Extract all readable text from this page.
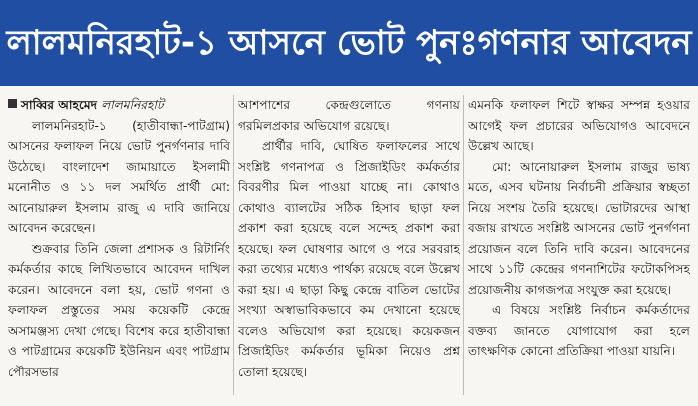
লালমনিরহাট-১ আসনে ভোট পুনঃগণনার আবেদন

সাব্বির আহমেদ লালমনিরহাট

লালমনিরহাট-১ (হাতীবান্ধা-পাটগ্রাম) আসনের ফলাফল নিয়ে ভোট পুনর্গণনার দাবি উঠেছে। বাংলাদেশ জামায়াতে ইসলামী মনোনীত ও ১১ দল সমর্থিত প্রার্থী মো: আনোয়ারুল ইসলাম রাজু এ দাবি জানিয়ে আবেদন করেছেন।

শুক্রবার তিনি জেলা প্রশাসক ও রিটার্নিং কর্মকর্তার কাছে লিখিতভাবে আবেদন দাখিল করেন। আবেদনে বলা হয়, ভোট গণনা ও ফলাফল প্রস্তুতের সময় কয়েকটি কেন্দ্রে অসামঞ্জস্য দেখা গেছে। বিশেষ করে হাতীবান্ধা ও পাটগ্রামের কয়েকটি ইউনিয়ন এবং পাটগ্রাম পৌরসভার

আশপাশের কেন্দ্রগুলোতে গণনায় গরমিলপ্রকার অভিযোগ রয়েছে।

প্রার্থীর দাবি, ঘোষিত ফলাফলের সাথে সংশ্লিষ্ট গণনাপত্র ও প্রিজাইডিং কর্মকর্তার বিবরণীর মিল পাওয়া যাচ্ছে না। কোথাও কোথাও ব্যালটের সঠিক হিসাব ছাড়া ফল প্রকাশ করা হয়েছে বলে সন্দেহ প্রকাশ করা হয়েছে। ফল ঘোষণার আগে ও পরে সরবরাহ করা তথ্যের মধ্যেও পার্থক্য রয়েছে বলে উল্লেখ করা হয়। এ ছাড়া কিছু কেন্দ্রে বাতিল ভোটের সংখ্যা অস্বাভাবিকভাবে কম দেখানো হয়েছে বলেও অভিযোগ করা হয়েছে। কয়েকজন প্রিজাইডিং কর্মকর্তার ভূমিকা নিয়েও প্রশ্ন তোলা হয়েছে।

এমনকি ফলাফল শিটে স্বাক্ষর সম্পন্ন হওয়ার আগেই ফল প্রচারের অভিযোগও আবেদনে উল্লেখ আছে।

মো: আনোয়ারুল ইসলাম রাজুর ভাষ্য মতে, এসব ঘটনায় নির্বাচনী প্রক্রিয়ার স্বচ্ছতা নিয়ে সংশয় তৈরি হয়েছে। ভোটারদের আস্থা বজায় রাখতে সংশ্লিষ্ট আসনের ভোট পুনর্গণনা প্রয়োজন বলে তিনি দাবি করেন। আবেদনের সাথে ১১টি কেন্দ্রের গণনাশিটের ফটোকপিসহ প্রয়োজনীয় কাগজপত্র সংযুক্ত করা হয়েছে।

এ বিষয়ে সংশ্লিষ্ট নির্বাচন কর্মকর্তাদের বক্তব্য জানতে যোগাযোগ করা হলে তাৎক্ষণিক কোনো প্রতিক্রিয়া পাওয়া যায়নি।
